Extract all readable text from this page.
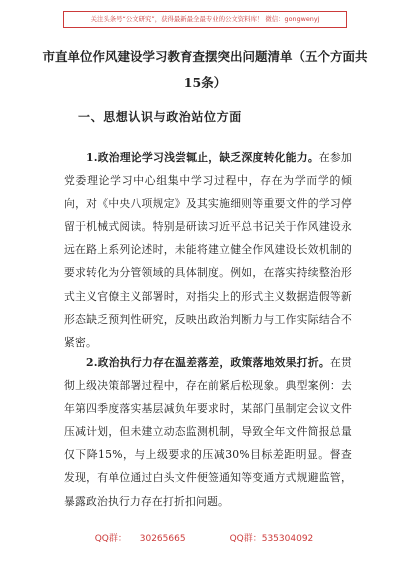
关注头条号“公文研究”，获得最新最全最专业的公文资料库！ 微信：gongwenyj
市直单位作风建设学习教育查摆突出问题清单（五个方面共15条）
一、思想认识与政治站位方面
1.政治理论学习浅尝辄止，缺乏深度转化能力。在参加党委理论学习中心组集中学习过程中，存在为学而学的倾向，对《中央八项规定》及其实施细则等重要文件的学习停留于机械式阅读。特别是研读习近平总书记关于作风建设永远在路上系列论述时，未能将建立健全作风建设长效机制的要求转化为分管领域的具体制度。例如，在落实持续整治形式主义官僚主义部署时，对指尖上的形式主义数据造假等新形态缺乏预判性研究，反映出政治判断力与工作实际结合不紧密。
2.政治执行力存在温差落差，政策落地效果打折。在贯彻上级决策部署过程中，存在前紧后松现象。典型案例：去年第四季度落实基层减负年要求时，某部门虽制定会议文件压减计划，但未建立动态监测机制，导致全年文件简报总量仅下降15%，与上级要求的压减30%目标差距明显。督查发现，有单位通过白头文件便签通知等变通方式规避监管，暴露政治执行力存在打折扣问题。
QQ群： 30265665	QQ群：535304092
